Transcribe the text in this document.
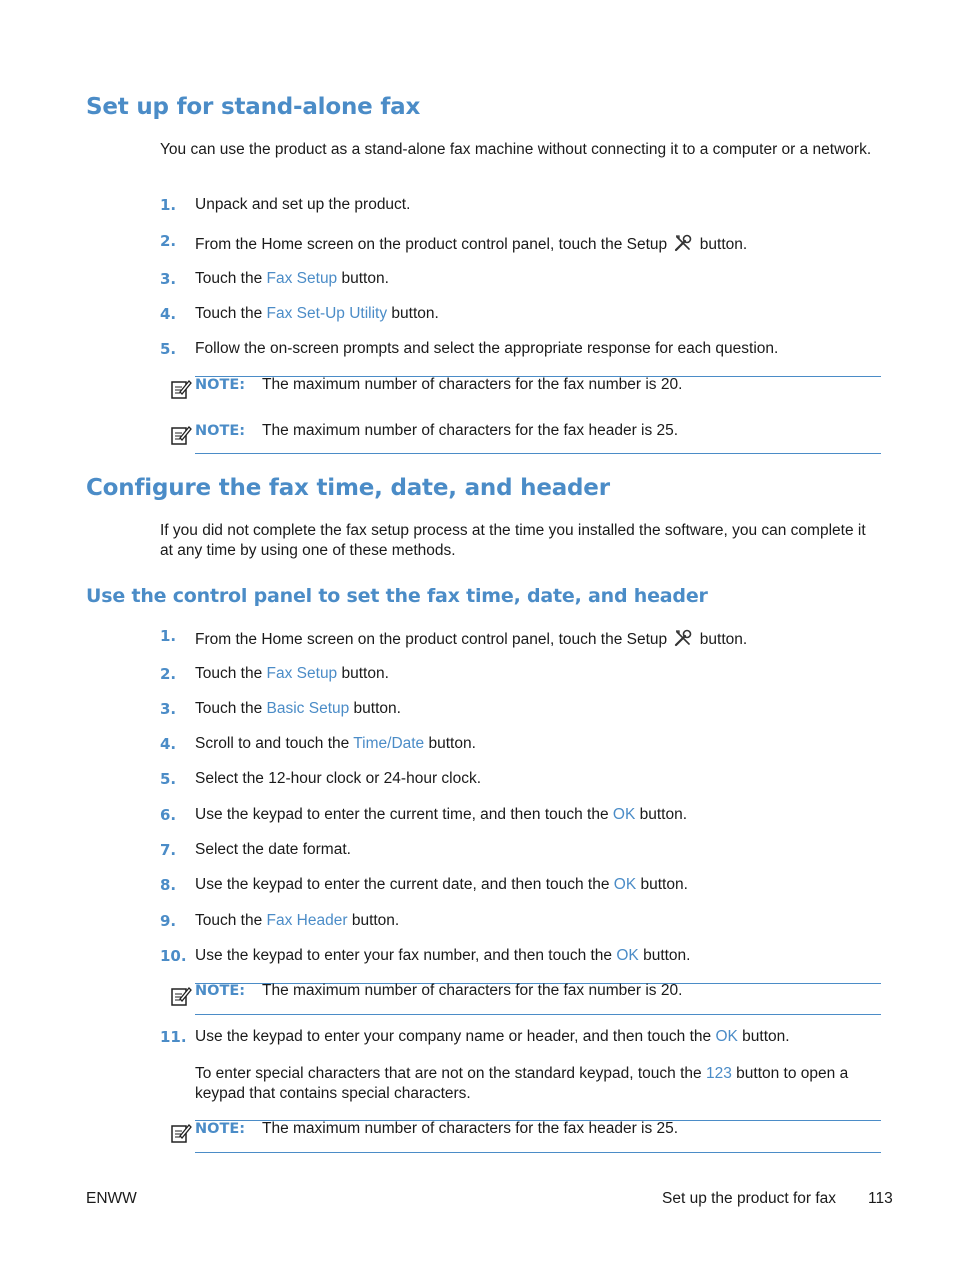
Set up for stand-alone fax
You can use the product as a stand-alone fax machine without connecting it to a computer or a network.
1.	Unpack and set up the product.
2.	From the Home screen on the product control panel, touch the Setup button.
3.	Touch the Fax Setup button.
4.	Touch the Fax Set-Up Utility button.
5.	Follow the on-screen prompts and select the appropriate response for each question.
NOTE: The maximum number of characters for the fax number is 20.
NOTE: The maximum number of characters for the fax header is 25.
Configure the fax time, date, and header
If you did not complete the fax setup process at the time you installed the software, you can complete it at any time by using one of these methods.
Use the control panel to set the fax time, date, and header
1.	From the Home screen on the product control panel, touch the Setup button.
2.	Touch the Fax Setup button.
3.	Touch the Basic Setup button.
4.	Scroll to and touch the Time/Date button.
5.	Select the 12-hour clock or 24-hour clock.
6.	Use the keypad to enter the current time, and then touch the OK button.
7.	Select the date format.
8.	Use the keypad to enter the current date, and then touch the OK button.
9.	Touch the Fax Header button.
10. Use the keypad to enter your fax number, and then touch the OK button.
NOTE: The maximum number of characters for the fax number is 20.
11. Use the keypad to enter your company name or header, and then touch the OK button.
To enter special characters that are not on the standard keypad, touch the 123 button to open a keypad that contains special characters.
NOTE: The maximum number of characters for the fax header is 25.
ENWW	Set up the product for fax 113
